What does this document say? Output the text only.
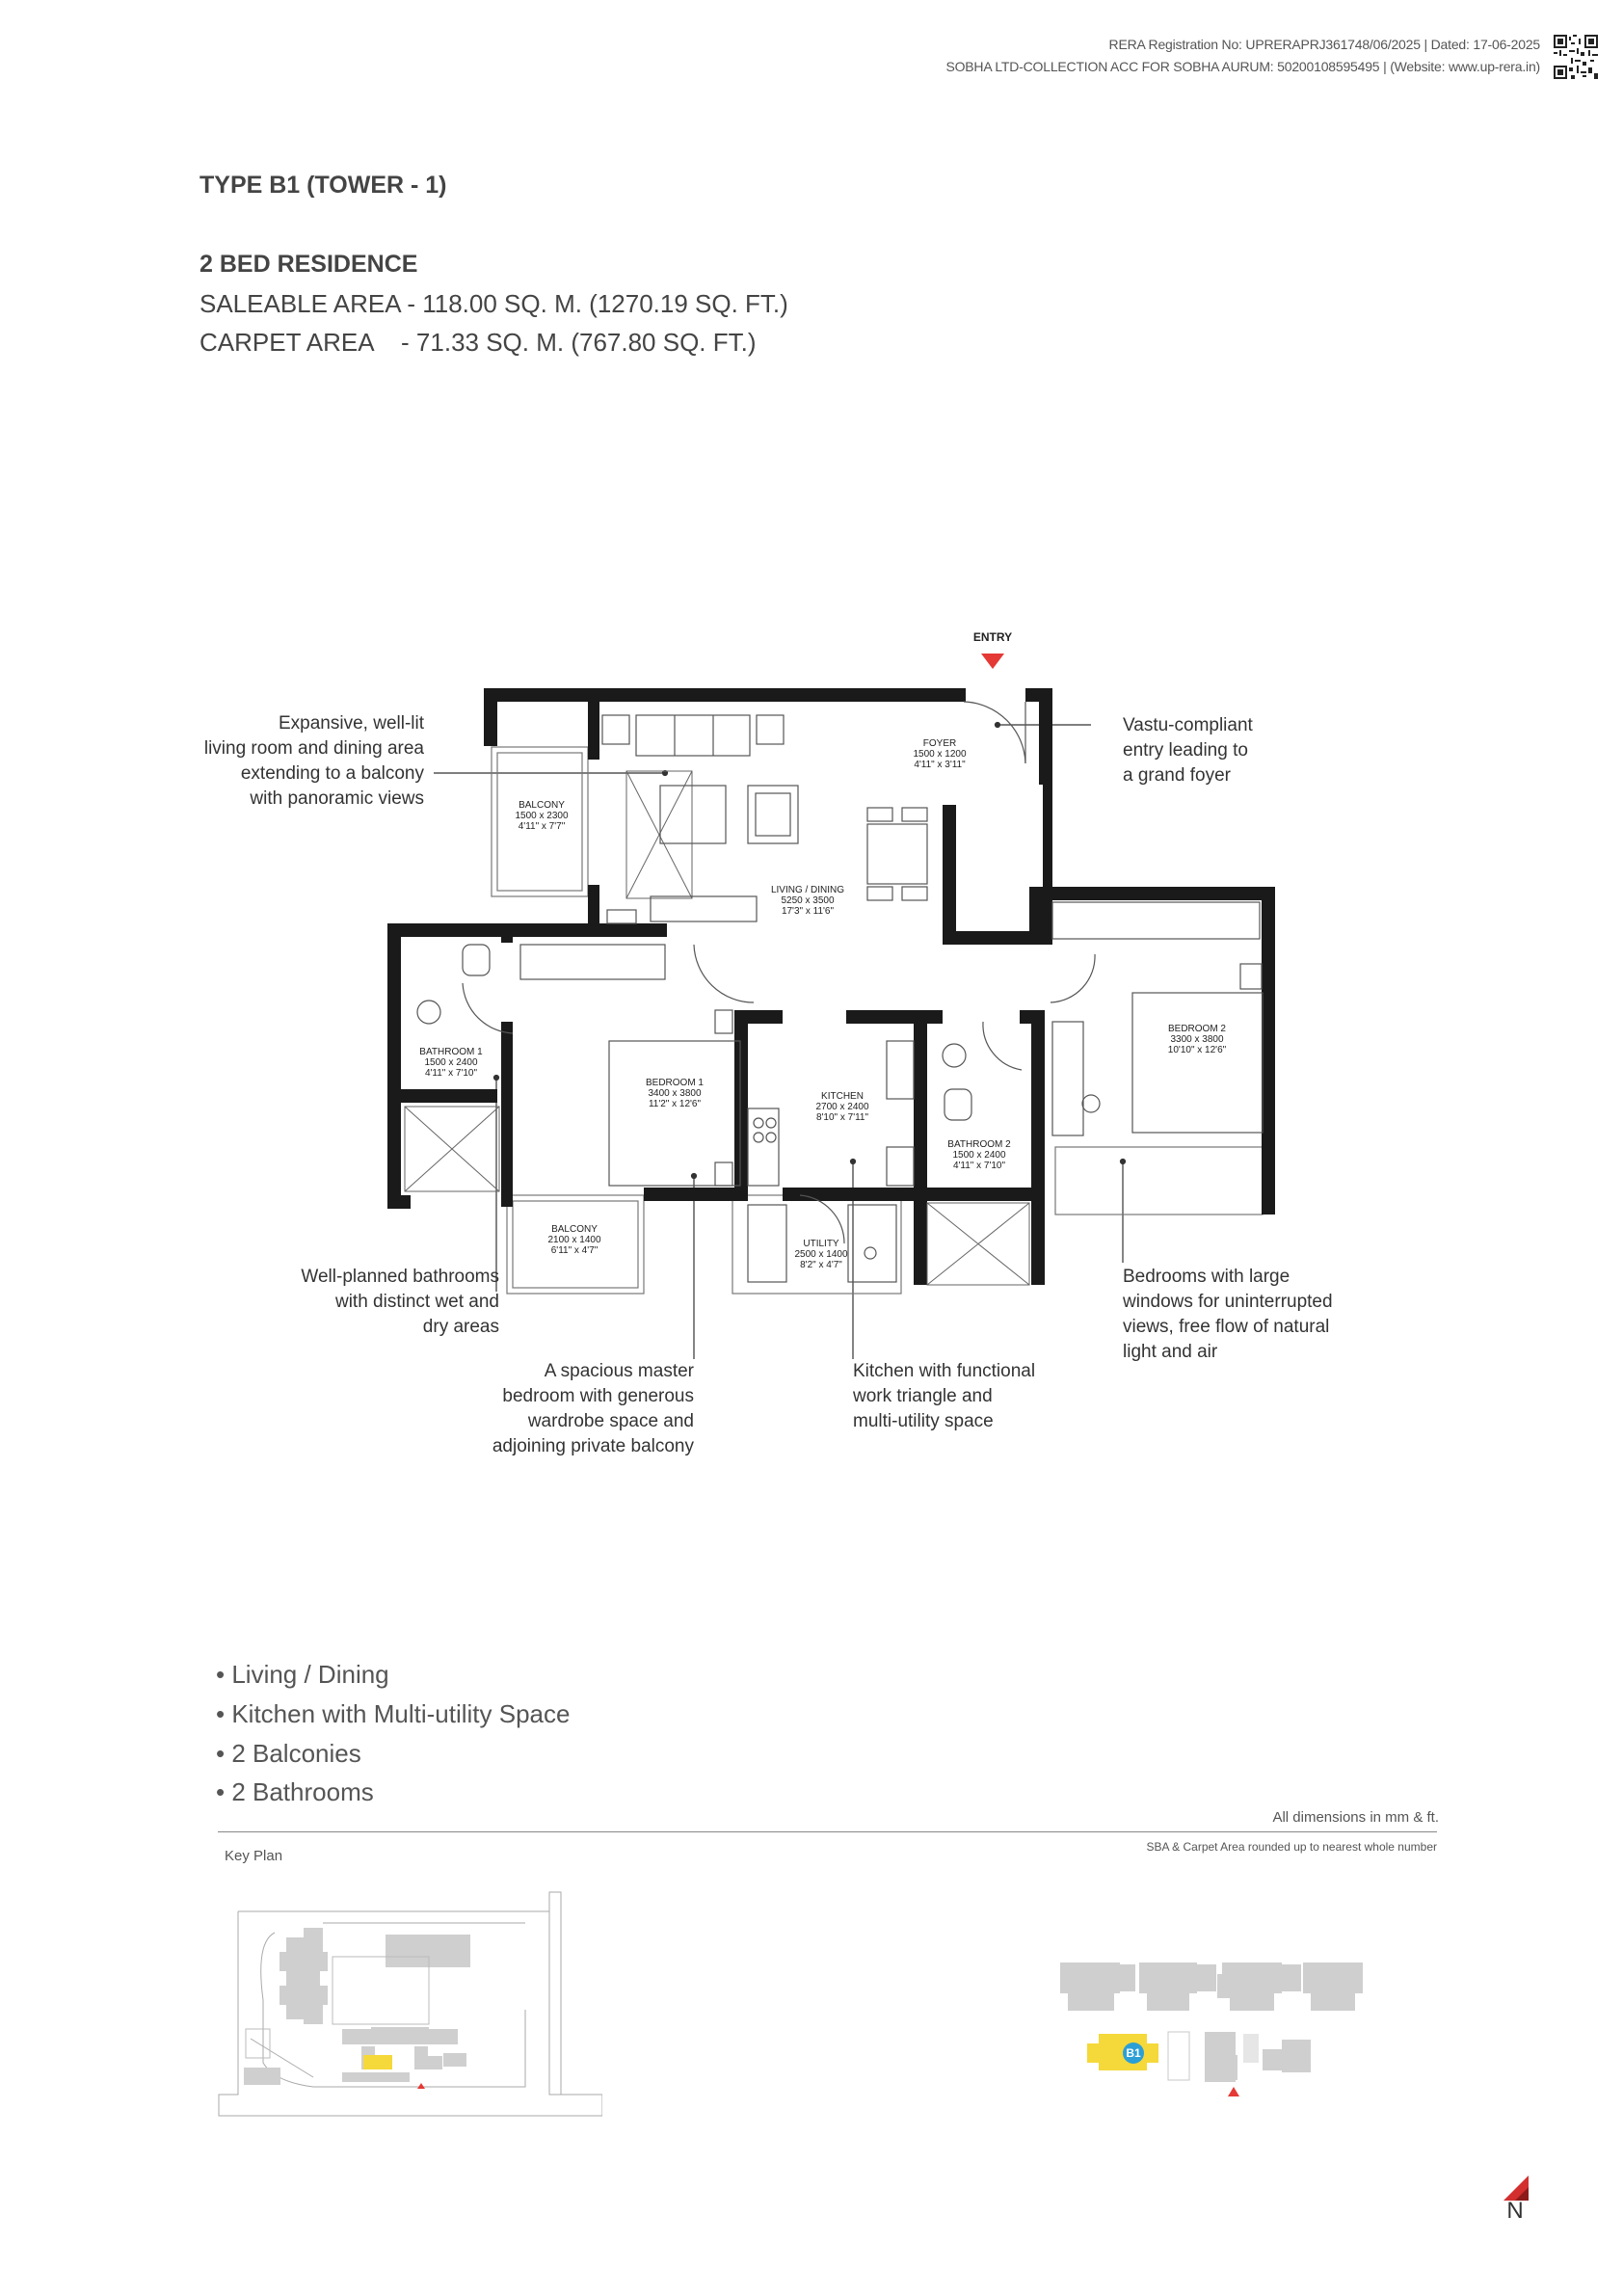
RERA Registration No: UPRERAPRJ361748/06/2025 | Dated: 17-06-2025
SOBHA LTD-COLLECTION ACC FOR SOBHA AURUM: 50200108595495 | (Website: www.up-rera.in)
TYPE B1 (TOWER - 1)
2 BED RESIDENCE
SALEABLE AREA - 118.00 SQ. M. (1270.19 SQ. FT.)
CARPET AREA    - 71.33 SQ. M. (767.80 SQ. FT.)
FOYER
1500 x 1200
4'11" x 3'11"
BALCONY
1500 x 2300
4'11" x 7'7"
LIVING / DINING
5250 x 3500
17'3" x 11'6"
BEDROOM 2
3300 x 3800
10'10" x 12'6"
BATHROOM 1
1500 x 2400
4'11" x 7'10"
BEDROOM 1
3400 x 3800
11'2" x 12'6"
KITCHEN
2700 x 2400
8'10" x 7'11"
BATHROOM 2
1500 x 2400
4'11" x 7'10"
BALCONY
2100 x 1400
6'11" x 4'7"
UTILITY
2500 x 1400
8'2" x 4'7"
ENTRY
Expansive, well-lit
living room and dining area
extending to a balcony
with panoramic views
Vastu-compliant
entry leading to
a grand foyer
Well-planned bathrooms
with distinct wet and
dry areas
A spacious master
bedroom with generous
wardrobe space and
adjoining private balcony
Kitchen with functional
work triangle and
multi-utility space
Bedrooms with large
windows for uninterrupted
views, free flow of natural
light and air
• Living / Dining
• Kitchen with Multi-utility Space
• 2 Balconies
• 2 Bathrooms
All dimensions in mm & ft.
SBA & Carpet Area rounded up to nearest whole number
Key Plan
B1
N
